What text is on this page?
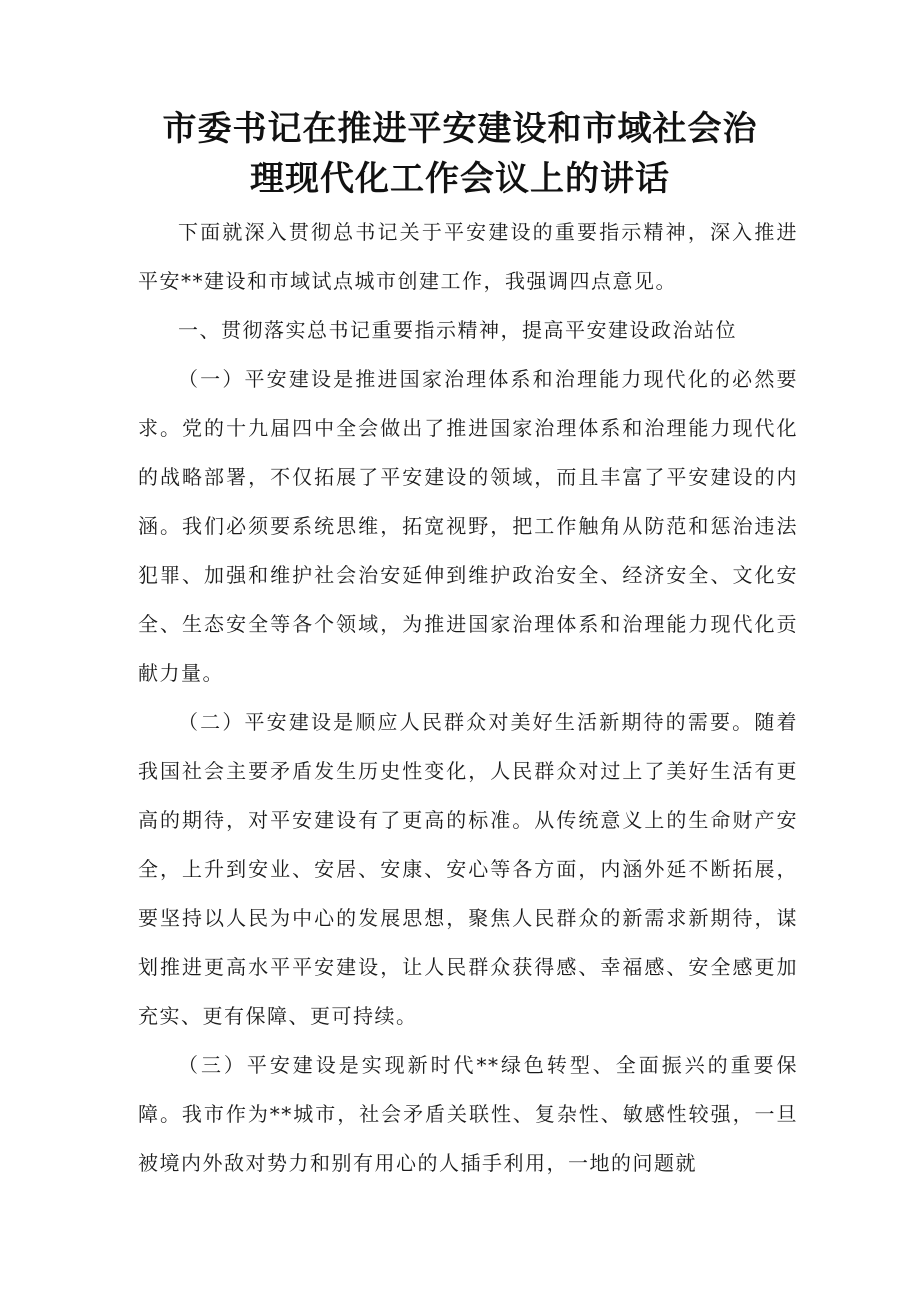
市委书记在推进平安建设和市域社会治
理现代化工作会议上的讲话

下面就深入贯彻总书记关于平安建设的重要指示精神，深入推进平安**建设和市域试点城市创建工作，我强调四点意见。

一、贯彻落实总书记重要指示精神，提高平安建设政治站位

（一）平安建设是推进国家治理体系和治理能力现代化的必然要求。党的十九届四中全会做出了推进国家治理体系和治理能力现代化的战略部署，不仅拓展了平安建设的领域，而且丰富了平安建设的内涵。我们必须要系统思维，拓宽视野，把工作触角从防范和惩治违法犯罪、加强和维护社会治安延伸到维护政治安全、经济安全、文化安全、生态安全等各个领域，为推进国家治理体系和治理能力现代化贡献力量。

（二）平安建设是顺应人民群众对美好生活新期待的需要。随着我国社会主要矛盾发生历史性变化，人民群众对过上了美好生活有更高的期待，对平安建设有了更高的标准。从传统意义上的生命财产安全，上升到安业、安居、安康、安心等各方面，内涵外延不断拓展，要坚持以人民为中心的发展思想，聚焦人民群众的新需求新期待，谋划推进更高水平平安建设，让人民群众获得感、幸福感、安全感更加充实、更有保障、更可持续。

（三）平安建设是实现新时代**绿色转型、全面振兴的重要保障。我市作为**城市，社会矛盾关联性、复杂性、敏感性较强，一旦被境内外敌对势力和别有用心的人插手利用，一地的问题就
